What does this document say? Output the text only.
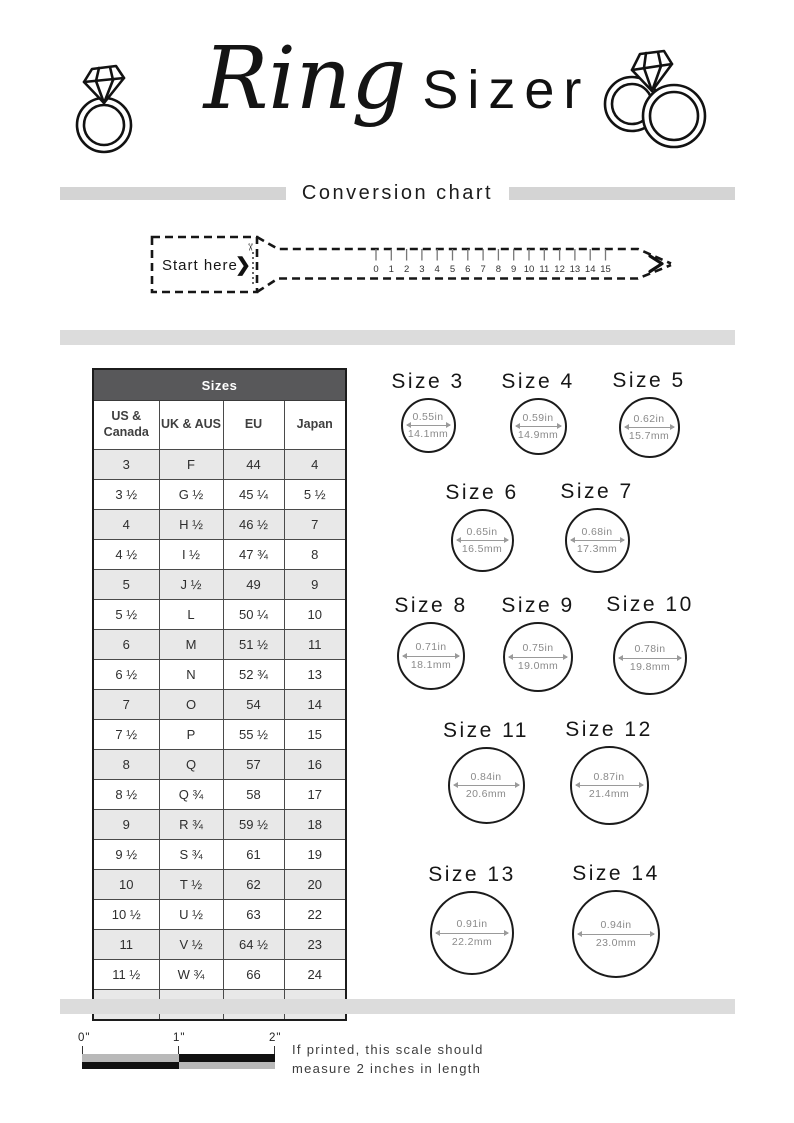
Ring Sizer
Conversion chart
Start here
❯
✂
0 1 2 3 4 5 6 7 8 9 10 11 12 13 14 15
Sizes			
US & Canada	UK & AUS	EU	Japan
3	F	44	4
3 ½	G ½	45 ¼	5 ½
4	H ½	46 ½	7
4 ½	I ½	47 ¾	8
5	J ½	49	9
5 ½	L	50 ¼	10
6	M	51 ½	11
6 ½	N	52 ¾	13
7	O	54	14
7 ½	P	55 ½	15
8	Q	57	16
8 ½	Q ¾	58	17
9	R ¾	59 ½	18
9 ½	S ¾	61	19
10	T ½	62	20
10 ½	U ½	63	22
11	V ½	64 ½	23
11 ½	W ¾	66	24

Size 3
0.55in
14.1mm
Size 4
0.59in
14.9mm
Size 5
0.62in
15.7mm
Size 6
0.65in
16.5mm
Size 7
0.68in
17.3mm
Size 8
0.71in
18.1mm
Size 9
0.75in
19.0mm
Size 10
0.78in
19.8mm
Size 11
0.84in
20.6mm
Size 12
0.87in
21.4mm
Size 13
0.91in
22.2mm
Size 14
0.94in
23.0mm
0"	1"	2"
If printed, this scale should
measure 2 inches in length
